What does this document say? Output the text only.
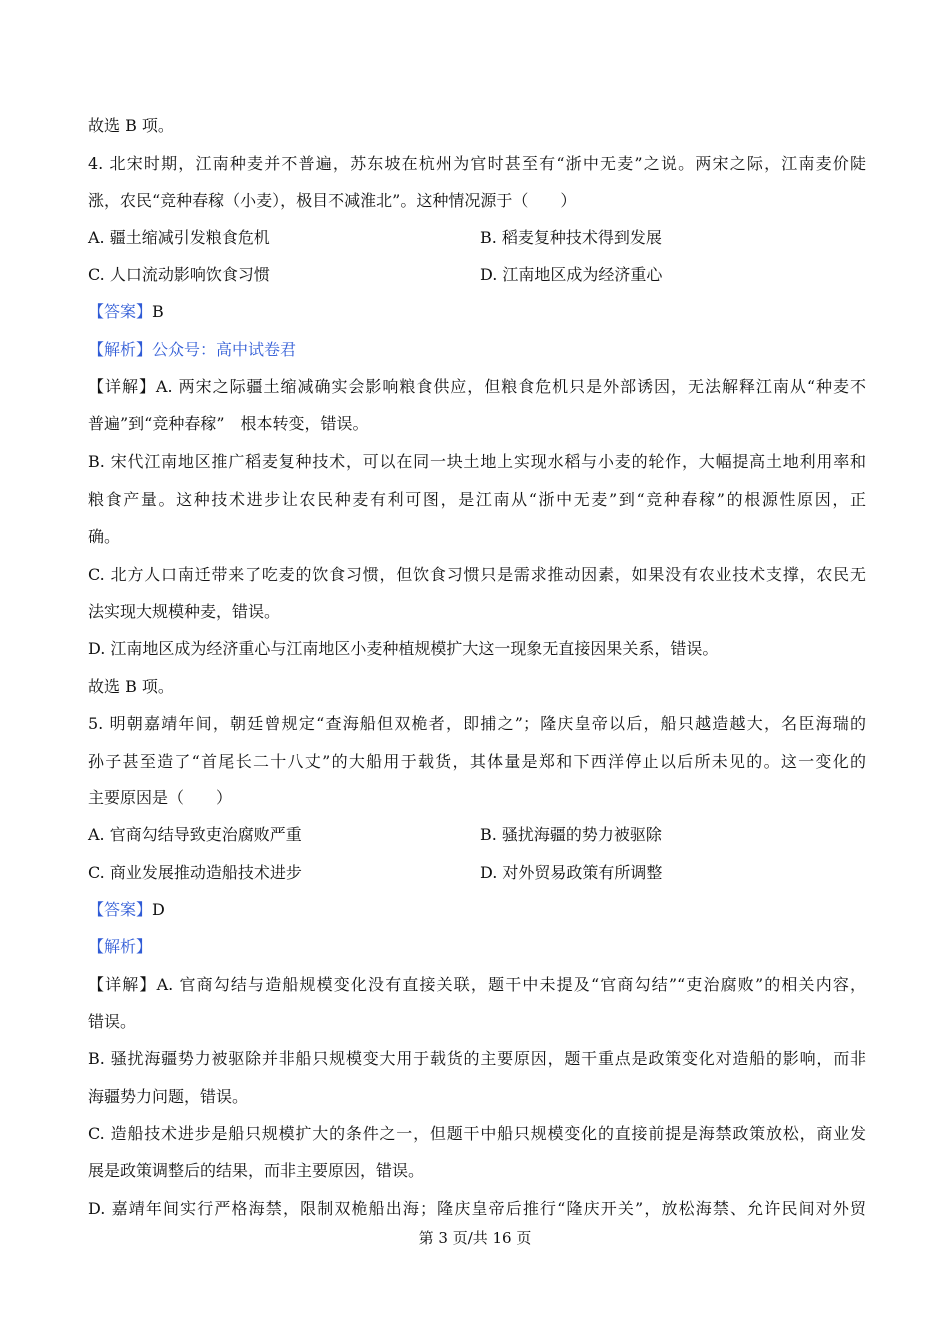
故选 B 项。
4. 北宋时期，江南种麦并不普遍，苏东坡在杭州为官时甚至有“浙中无麦”之说。两宋之际，江南麦价陡
涨，农民“竞种春稼（小麦），极目不减淮北”。这种情况源于（　　）
A. 疆土缩减引发粮食危机	B. 稻麦复种技术得到发展
C. 人口流动影响饮食习惯	D. 江南地区成为经济重心
【答案】B
【解析】公众号：高中试卷君
【详解】A. 两宋之际疆土缩减确实会影响粮食供应，但粮食危机只是外部诱因，无法解释江南从“种麦不
普遍”到“竞种春稼”　根本转变，错误。
B. 宋代江南地区推广稻麦复种技术，可以在同一块土地上实现水稻与小麦的轮作，大幅提高土地利用率和
粮食产量。这种技术进步让农民种麦有利可图，是江南从“浙中无麦”到“竞种春稼”的根源性原因，正
确。
C. 北方人口南迁带来了吃麦的饮食习惯，但饮食习惯只是需求推动因素，如果没有农业技术支撑，农民无
法实现大规模种麦，错误。
D. 江南地区成为经济重心与江南地区小麦种植规模扩大这一现象无直接因果关系，错误。
故选 B 项。
5. 明朝嘉靖年间，朝廷曾规定“查海船但双桅者，即捕之”；隆庆皇帝以后，船只越造越大，名臣海瑞的
孙子甚至造了“首尾长二十八丈”的大船用于载货，其体量是郑和下西洋停止以后所未见的。这一变化的
主要原因是（　　）
A. 官商勾结导致吏治腐败严重	B. 骚扰海疆的势力被驱除
C. 商业发展推动造船技术进步	D. 对外贸易政策有所调整
【答案】D
【解析】
【详解】A. 官商勾结与造船规模变化没有直接关联，题干中未提及“官商勾结”“吏治腐败”的相关内容，
错误。
B. 骚扰海疆势力被驱除并非船只规模变大用于载货的主要原因，题干重点是政策变化对造船的影响，而非
海疆势力问题，错误。
C. 造船技术进步是船只规模扩大的条件之一，但题干中船只规模变化的直接前提是海禁政策放松，商业发
展是政策调整后的结果，而非主要原因，错误。
D. 嘉靖年间实行严格海禁，限制双桅船出海；隆庆皇帝后推行“隆庆开关”，放松海禁、允许民间对外贸
第 3 页/共 16 页
